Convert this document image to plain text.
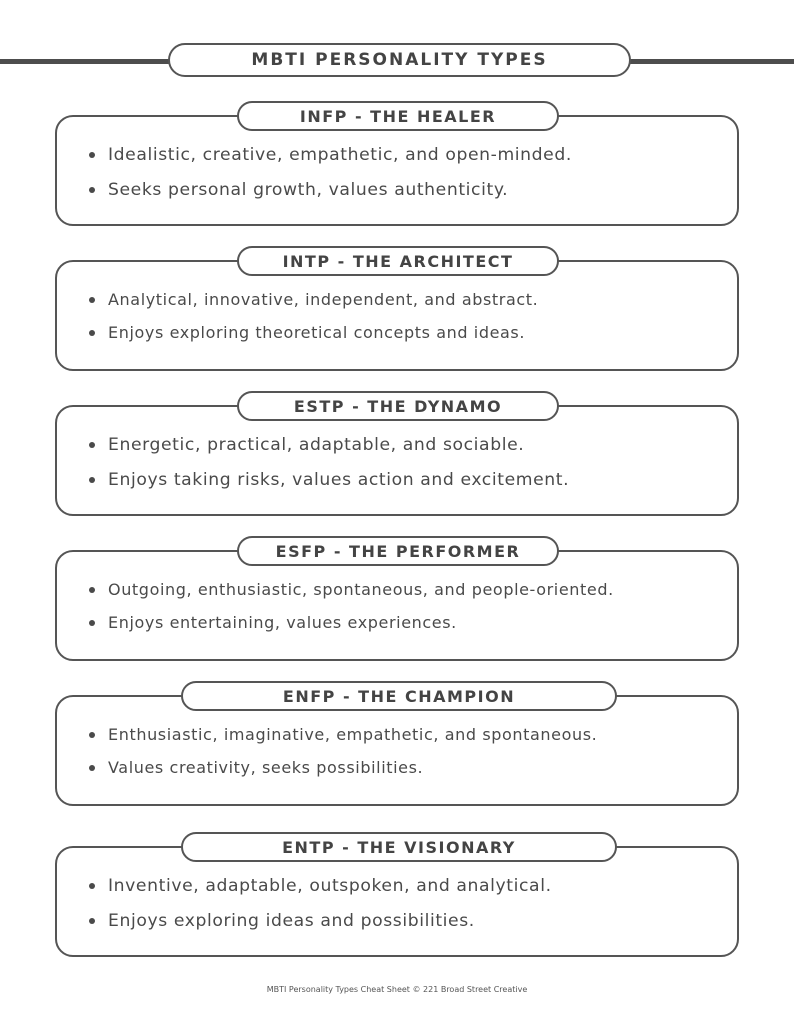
MBTI PERSONALITY TYPES
INFP - THE HEALER
Idealistic, creative, empathetic, and open-minded.
Seeks personal growth, values authenticity.
INTP - THE ARCHITECT
Analytical, innovative, independent, and abstract.
Enjoys exploring theoretical concepts and ideas.
ESTP - THE DYNAMO
Energetic, practical, adaptable, and sociable.
Enjoys taking risks, values action and excitement.
ESFP - THE PERFORMER
Outgoing, enthusiastic, spontaneous, and people-oriented.
Enjoys entertaining, values experiences.
ENFP - THE CHAMPION
Enthusiastic, imaginative, empathetic, and spontaneous.
Values creativity, seeks possibilities.
ENTP - THE VISIONARY
Inventive, adaptable, outspoken, and analytical.
Enjoys exploring ideas and possibilities.
MBTI Personality Types Cheat Sheet © 221 Broad Street Creative
